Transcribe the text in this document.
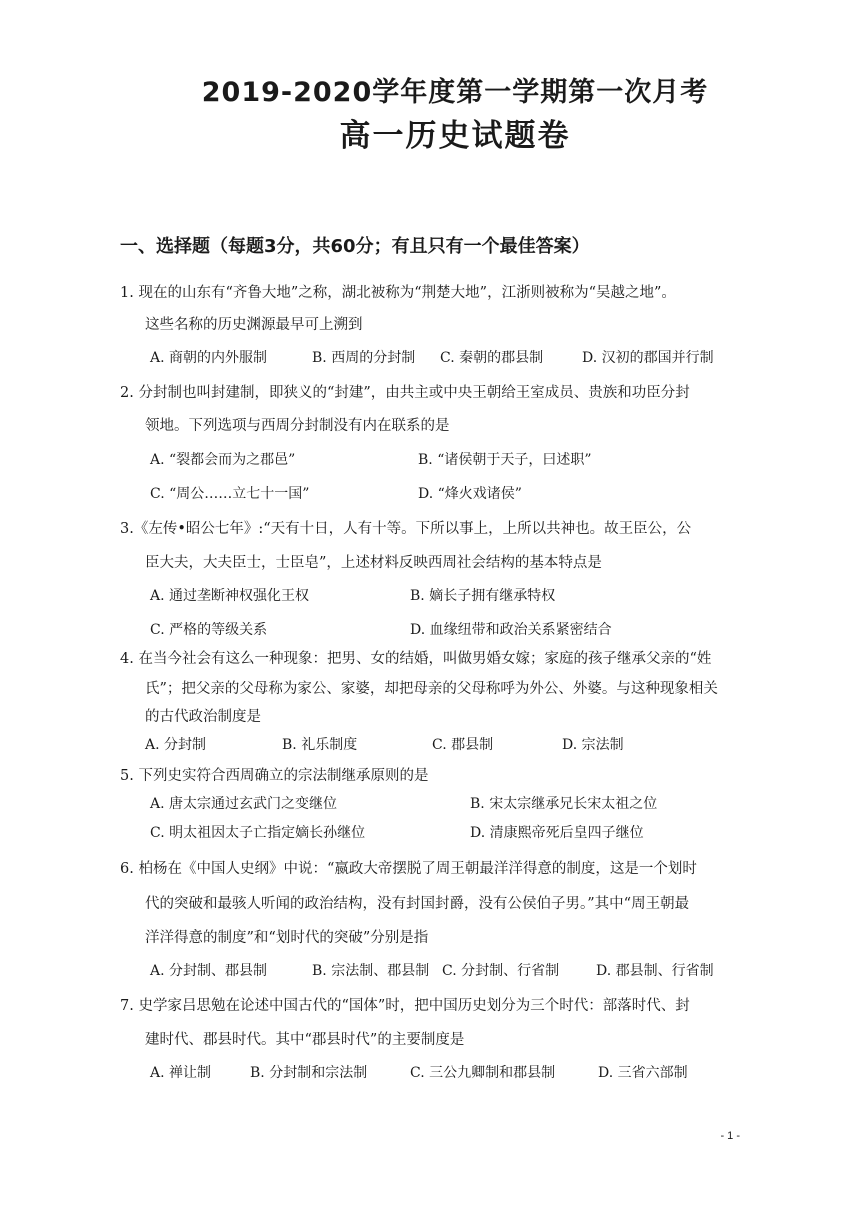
2019-2020学年度第一学期第一次月考
高一历史试题卷
一、选择题（每题3分，共60分；有且只有一个最佳答案）
1. 现在的山东有“齐鲁大地”之称，湖北被称为“荆楚大地”，江浙则被称为“吴越之地”。
这些名称的历史渊源最早可上溯到
A. 商朝的内外服制	B. 西周的分封制 C. 秦朝的郡县制	D. 汉初的郡国并行制
2. 分封制也叫封建制，即狭义的“封建”，由共主或中央王朝给王室成员、贵族和功臣分封
领地。下列选项与西周分封制没有内在联系的是
A. “裂都会而为之郡邑”	B. “诸侯朝于天子，曰述职”
C. “周公……立七十一国”	D. “烽火戏诸侯”
3.《左传•昭公七年》:“天有十日，人有十等。下所以事上，上所以共神也。故王臣公，公
臣大夫，大夫臣士，士臣皂”，上述材料反映西周社会结构的基本特点是
A. 通过垄断神权强化王权	B. 嫡长子拥有继承特权
C. 严格的等级关系	D. 血缘纽带和政治关系紧密结合
4. 在当今社会有这么一种现象：把男、女的结婚，叫做男婚女嫁；家庭的孩子继承父亲的“姓
氏”；把父亲的父母称为家公、家婆，却把母亲的父母称呼为外公、外婆。与这种现象相关
的古代政治制度是
A. 分封制	B. 礼乐制度	C. 郡县制	D. 宗法制
5. 下列史实符合西周确立的宗法制继承原则的是
A. 唐太宗通过玄武门之变继位	B. 宋太宗继承兄长宋太祖之位
C. 明太祖因太子亡指定嫡长孙继位	D. 清康熙帝死后皇四子继位
6. 柏杨在《中国人史纲》中说：“嬴政大帝摆脱了周王朝最洋洋得意的制度，这是一个划时
代的突破和最骇人听闻的政治结构，没有封国封爵，没有公侯伯子男。”其中“周王朝最
洋洋得意的制度”和“划时代的突破”分别是指
A. 分封制、郡县制	B. 宗法制、郡县制 C. 分封制、行省制	D. 郡县制、行省制
7. 史学家吕思勉在论述中国古代的“国体”时，把中国历史划分为三个时代：部落时代、封
建时代、郡县时代。其中“郡县时代”的主要制度是
A. 禅让制	B. 分封制和宗法制	C. 三公九卿制和郡县制	D. 三省六部制
- 1 -
